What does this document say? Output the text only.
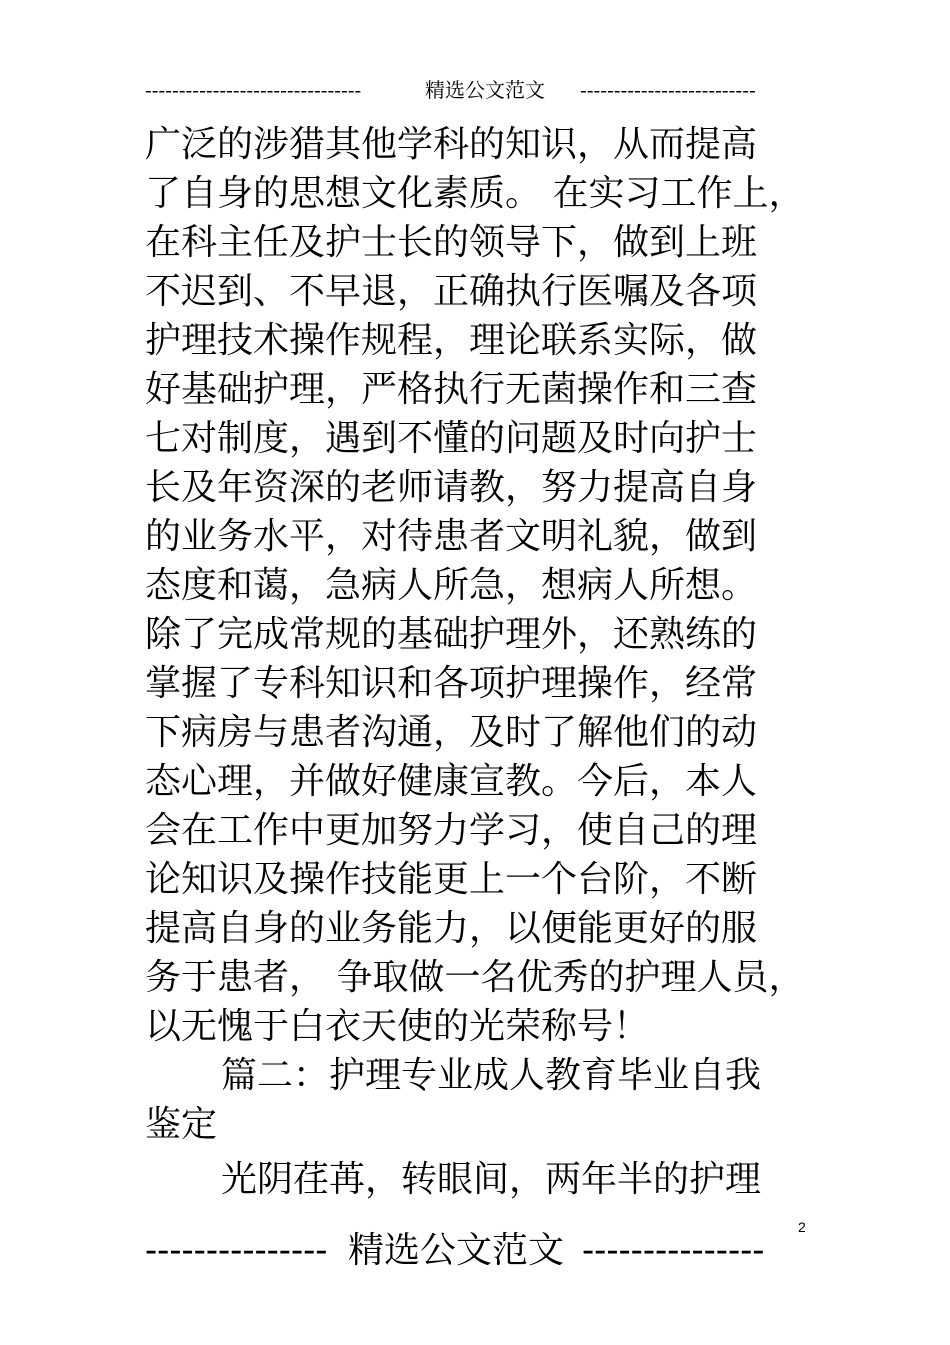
--------------------------------	精选公文范文 --------------------------
广泛的涉猎其他学科的知识，从而提高
了自身的思想文化素质。 在实习工作上，
在科主任及护士长的领导下，做到上班
不迟到、不早退，正确执行医嘱及各项
护理技术操作规程，理论联系实际，做
好基础护理，严格执行无菌操作和三查
七对制度，遇到不懂的问题及时向护士
长及年资深的老师请教，努力提高自身
的业务水平，对待患者文明礼貌，做到
态度和蔼，急病人所急，想病人所想。
除了完成常规的基础护理外，还熟练的
掌握了专科知识和各项护理操作，经常
下病房与患者沟通，及时了解他们的动
态心理，并做好健康宣教。今后，本人
会在工作中更加努力学习，使自己的理
论知识及操作技能更上一个台阶，不断
提高自身的业务能力，以便能更好的服
务于患者， 争取做一名优秀的护理人员，
以无愧于白衣天使的光荣称号！
篇二：护理专业成人教育毕业自我
鉴定
光阴荏苒，转眼间，两年半的护理
2
--------------- 精选公文范文 ---------------
